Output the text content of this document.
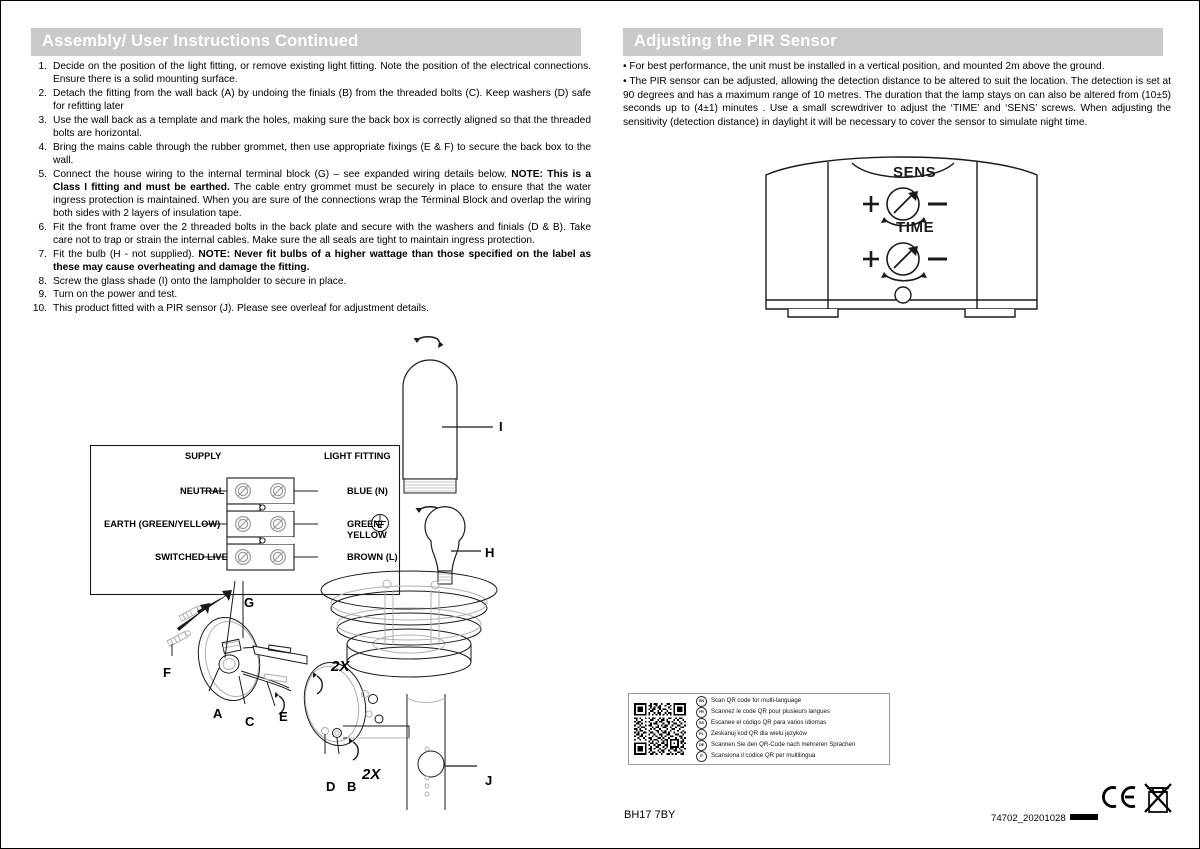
Assembly/ User Instructions Continued
1. Decide on the position of the light fitting, or remove existing light fitting. Note the position of the electrical connections. Ensure there is a solid mounting surface.
2. Detach the fitting from the wall back (A) by undoing the finials (B) from the threaded bolts (C). Keep washers (D) safe for refitting later
3. Use the wall back as a template and mark the holes, making sure the back box is correctly aligned so that the threaded bolts are horizontal.
4. Bring the mains cable through the rubber grommet, then use appropriate fixings (E & F) to secure the back box to the wall.
5. Connect the house wiring to the internal terminal block (G) – see expanded wiring details below. NOTE: This is a Class I fitting and must be earthed. The cable entry grommet must be securely in place to ensure that the water ingress protection is maintained. When you are sure of the connections wrap the Terminal Block and overlap the wiring both sides with 2 layers of insulation tape.
6. Fit the front frame over the 2 threaded bolts in the back plate and secure with the washers and finials (D & B). Take care not to trap or strain the internal cables. Make sure the all seals are tight to maintain ingress protection.
7. Fit the bulb (H - not supplied). NOTE: Never fit bulbs of a higher wattage than those specified on the label as these may cause overheating and damage the fitting.
8. Screw the glass shade (I) onto the lampholder to secure in place.
9. Turn on the power and test.
10. This product fitted with a PIR sensor (J). Please see overleaf for adjustment details.
SUPPLY	LIGHT FITTING
NEUTRAL	BLUE (N)
EARTH (GREEN/YELLOW)	GREEN/
YELLOW
SWITCHED LIVE	BROWN (L)
I
H
G
F
A
C E
D B	J
2X
2X
Adjusting the PIR Sensor

• For best performance, the unit must be installed in a vertical position, and mounted 2m above the ground.

• The PIR sensor can be adjusted, allowing the detection distance to be altered to suit the location. The detection is set at 90 degrees and has a maximum range of 10 metres. The duration that the lamp stays on can also be altered from (10±5) seconds up to (4±1) minutes . Use a small screwdriver to adjust the ‘TIME’ and ‘SENS’ screws. When adjusting the sensitivity (detection distance) in daylight it will be necessary to cover the sensor to simulate night time.

SENS
TIME
EN	Scan QR code for multi-language
FR	Scannez le code QR pour plusieurs langues
ES	Escanee el código QR para varios idiomas
PL	Zeskanuj kod QR dla wielu języków
DE	Scannen Sie den QR-Code nach mehreren Sprachen
IT	Scansiona il codice QR per multilingua
BH17 7BY	74702_20201028
